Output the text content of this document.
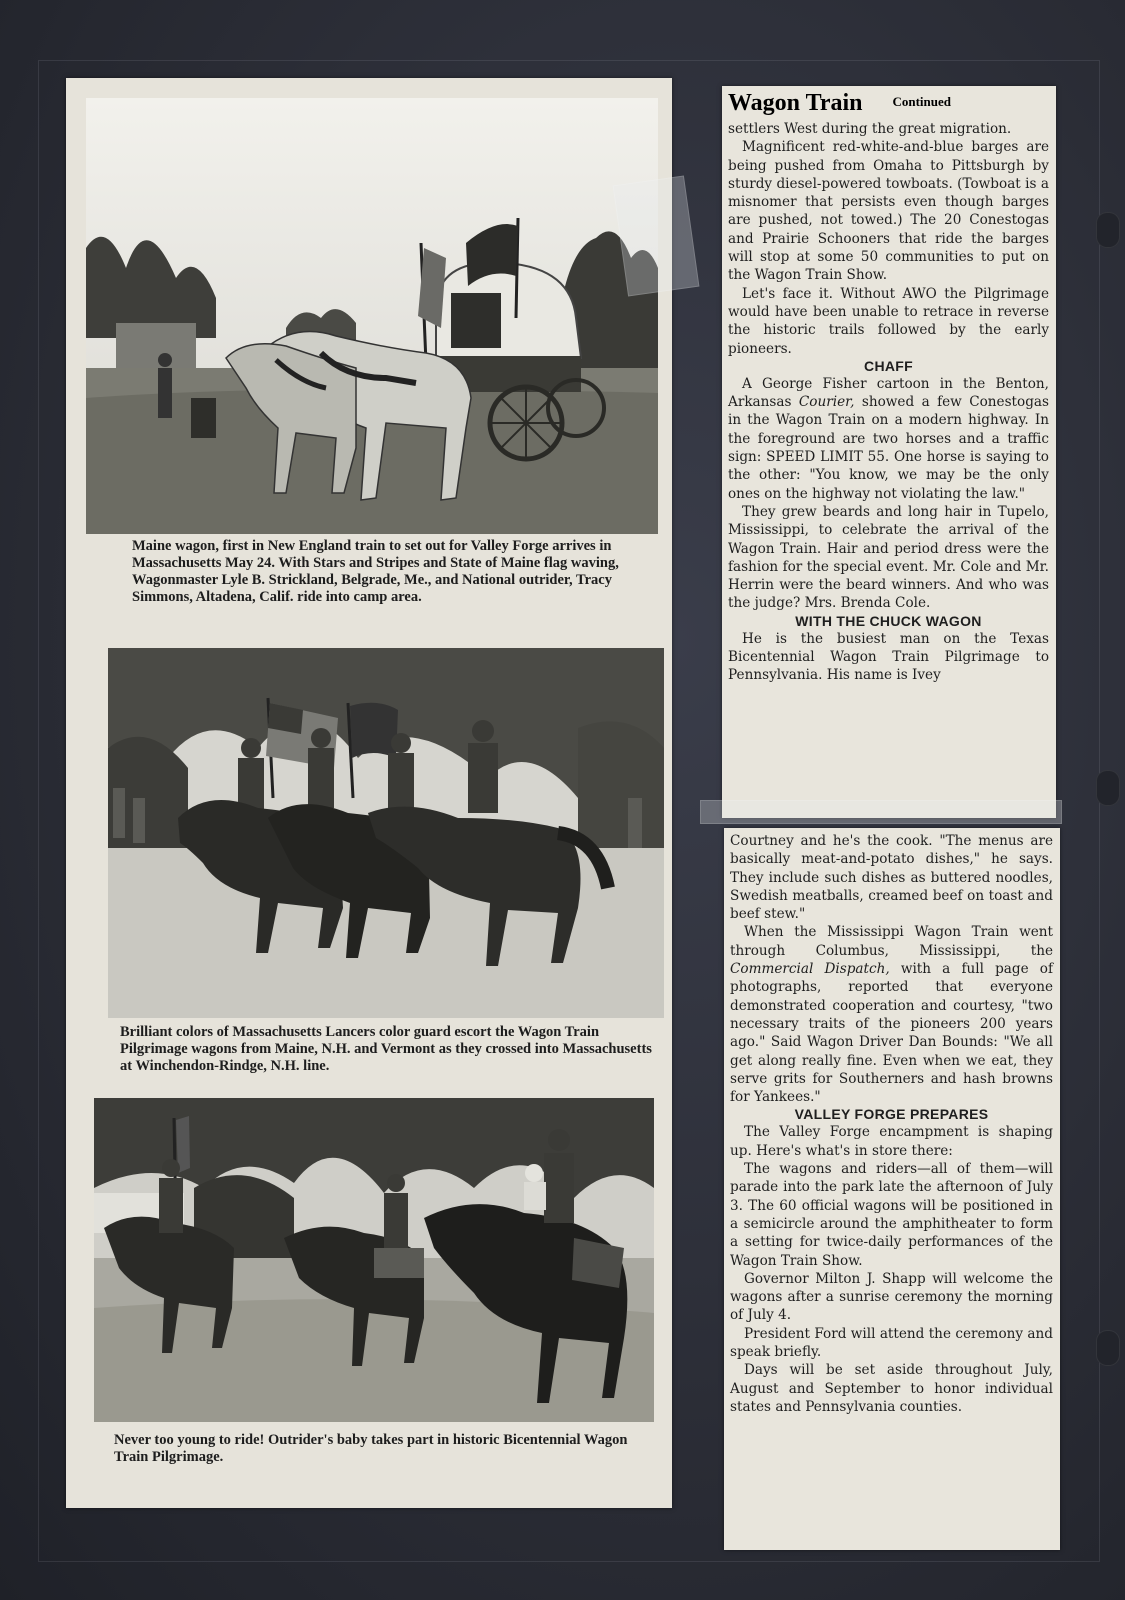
Maine wagon, first in New England train to set out for Valley Forge arrives in Massachusetts May 24. With Stars and Stripes and State of Maine flag waving, Wagonmaster Lyle B. Strickland, Belgrade, Me., and National outrider, Tracy Simmons, Altadena, Calif. ride into camp area.
Brilliant colors of Massachusetts Lancers color guard escort the Wagon Train Pilgrimage wagons from Maine, N.H. and Vermont as they crossed into Massachusetts at Winchendon-Rindge, N.H. line.
Never too young to ride! Outrider's baby takes part in historic Bicentennial Wagon Train Pilgrimage.
Wagon Train Continued

settlers West during the great migration.

Magnificent red-white-and-blue barges are being pushed from Omaha to Pittsburgh by sturdy diesel-powered towboats. (Towboat is a misnomer that persists even though barges are pushed, not towed.) The 20 Conestogas and Prairie Schooners that ride the barges will stop at some 50 communities to put on the Wagon Train Show.

Let's face it. Without AWO the Pilgrimage would have been unable to retrace in reverse the historic trails followed by the early pioneers.

CHAFF

A George Fisher cartoon in the Benton, Arkansas Courier, showed a few Conestogas in the Wagon Train on a modern highway. In the foreground are two horses and a traffic sign: SPEED LIMIT 55. One horse is saying to the other: "You know, we may be the only ones on the highway not violating the law."

They grew beards and long hair in Tupelo, Mississippi, to celebrate the arrival of the Wagon Train. Hair and period dress were the fashion for the special event. Mr. Cole and Mr. Herrin were the beard winners. And who was the judge? Mrs. Brenda Cole.

WITH THE CHUCK WAGON

He is the busiest man on the Texas Bicentennial Wagon Train Pilgrimage to Pennsylvania. His name is Ivey

Courtney and he's the cook. "The menus are basically meat-and-potato dishes," he says. They include such dishes as buttered noodles, Swedish meatballs, creamed beef on toast and beef stew."

When the Mississippi Wagon Train went through Columbus, Mississippi, the Commercial Dispatch, with a full page of photographs, reported that everyone demonstrated cooperation and courtesy, "two necessary traits of the pioneers 200 years ago." Said Wagon Driver Dan Bounds: "We all get along really fine. Even when we eat, they serve grits for Southerners and hash browns for Yankees."

VALLEY FORGE PREPARES

The Valley Forge encampment is shaping up. Here's what's in store there:

The wagons and riders—all of them—will parade into the park late the afternoon of July 3. The 60 official wagons will be positioned in a semicircle around the amphitheater to form a setting for twice-daily performances of the Wagon Train Show.

Governor Milton J. Shapp will welcome the wagons after a sunrise ceremony the morning of July 4.

President Ford will attend the ceremony and speak briefly.

Days will be set aside throughout July, August and September to honor individual states and Pennsylvania counties.
